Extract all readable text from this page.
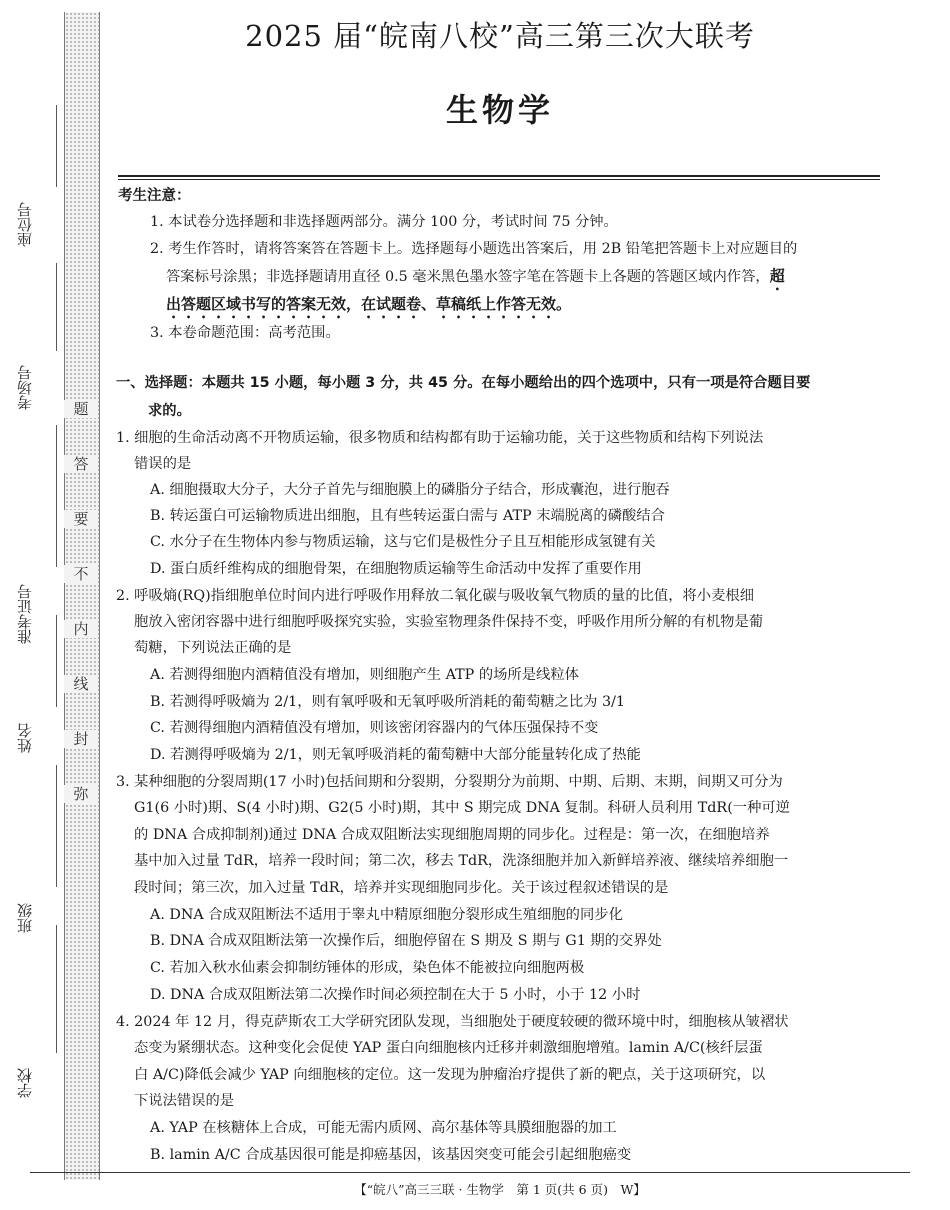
题
答
要
不
内
线
封
弥
座位号
考场号
准考证号
姓名
班级
学校
2025 届“皖南八校”高三第三次大联考
生物学
考生注意：
1. 本试卷分选择题和非选择题两部分。满分 100 分，考试时间 75 分钟。
2. 考生作答时，请将答案答在答题卡上。选择题每小题选出答案后，用 2B 铅笔把答题卡上对应题目的
答案标号涂黑；非选择题请用直径 0.5 毫米黑色墨水签字笔在答题卡上各题的答题区域内作答，超
出答题区域书写的答案无效，在试题卷、草稿纸上作答无效。
3. 本卷命题范围：高考范围。
一、选择题：本题共 15 小题，每小题 3 分，共 45 分。在每小题给出的四个选项中，只有一项是符合题目要
求的。
1. 细胞的生命活动离不开物质运输，很多物质和结构都有助于运输功能，关于这些物质和结构下列说法
错误的是
A. 细胞摄取大分子，大分子首先与细胞膜上的磷脂分子结合，形成囊泡，进行胞吞
B. 转运蛋白可运输物质进出细胞，且有些转运蛋白需与 ATP 末端脱离的磷酸结合
C. 水分子在生物体内参与物质运输，这与它们是极性分子且互相能形成氢键有关
D. 蛋白质纤维构成的细胞骨架，在细胞物质运输等生命活动中发挥了重要作用
2. 呼吸熵(RQ)指细胞单位时间内进行呼吸作用释放二氧化碳与吸收氧气物质的量的比值，将小麦根细
胞放入密闭容器中进行细胞呼吸探究实验，实验室物理条件保持不变，呼吸作用所分解的有机物是葡
萄糖，下列说法正确的是
A. 若测得细胞内酒精值没有增加，则细胞产生 ATP 的场所是线粒体
B. 若测得呼吸熵为 2/1，则有氧呼吸和无氧呼吸所消耗的葡萄糖之比为 3/1
C. 若测得细胞内酒精值没有增加，则该密闭容器内的气体压强保持不变
D. 若测得呼吸熵为 2/1，则无氧呼吸消耗的葡萄糖中大部分能量转化成了热能
3. 某种细胞的分裂周期(17 小时)包括间期和分裂期，分裂期分为前期、中期、后期、末期，间期又可分为
G1(6 小时)期、S(4 小时)期、G2(5 小时)期，其中 S 期完成 DNA 复制。科研人员利用 TdR(一种可逆
的 DNA 合成抑制剂)通过 DNA 合成双阻断法实现细胞周期的同步化。过程是：第一次，在细胞培养
基中加入过量 TdR，培养一段时间；第二次，移去 TdR，洗涤细胞并加入新鲜培养液、继续培养细胞一
段时间；第三次，加入过量 TdR，培养并实现细胞同步化。关于该过程叙述错误的是
A. DNA 合成双阻断法不适用于睾丸中精原细胞分裂形成生殖细胞的同步化
B. DNA 合成双阻断法第一次操作后，细胞停留在 S 期及 S 期与 G1 期的交界处
C. 若加入秋水仙素会抑制纺锤体的形成，染色体不能被拉向细胞两极
D. DNA 合成双阻断法第二次操作时间必须控制在大于 5 小时，小于 12 小时
4. 2024 年 12 月，得克萨斯农工大学研究团队发现，当细胞处于硬度较硬的微环境中时，细胞核从皱褶状
态变为紧绷状态。这种变化会促使 YAP 蛋白向细胞核内迁移并刺激细胞增殖。lamin A/C(核纤层蛋
白 A/C)降低会减少 YAP 向细胞核的定位。这一发现为肿瘤治疗提供了新的靶点，关于这项研究，以
下说法错误的是
A. YAP 在核糖体上合成，可能无需内质网、高尔基体等具膜细胞器的加工
B. lamin A/C 合成基因很可能是抑癌基因，该基因突变可能会引起细胞癌变
【“皖八”高三三联 · 生物学　第 1 页(共 6 页)　W】
